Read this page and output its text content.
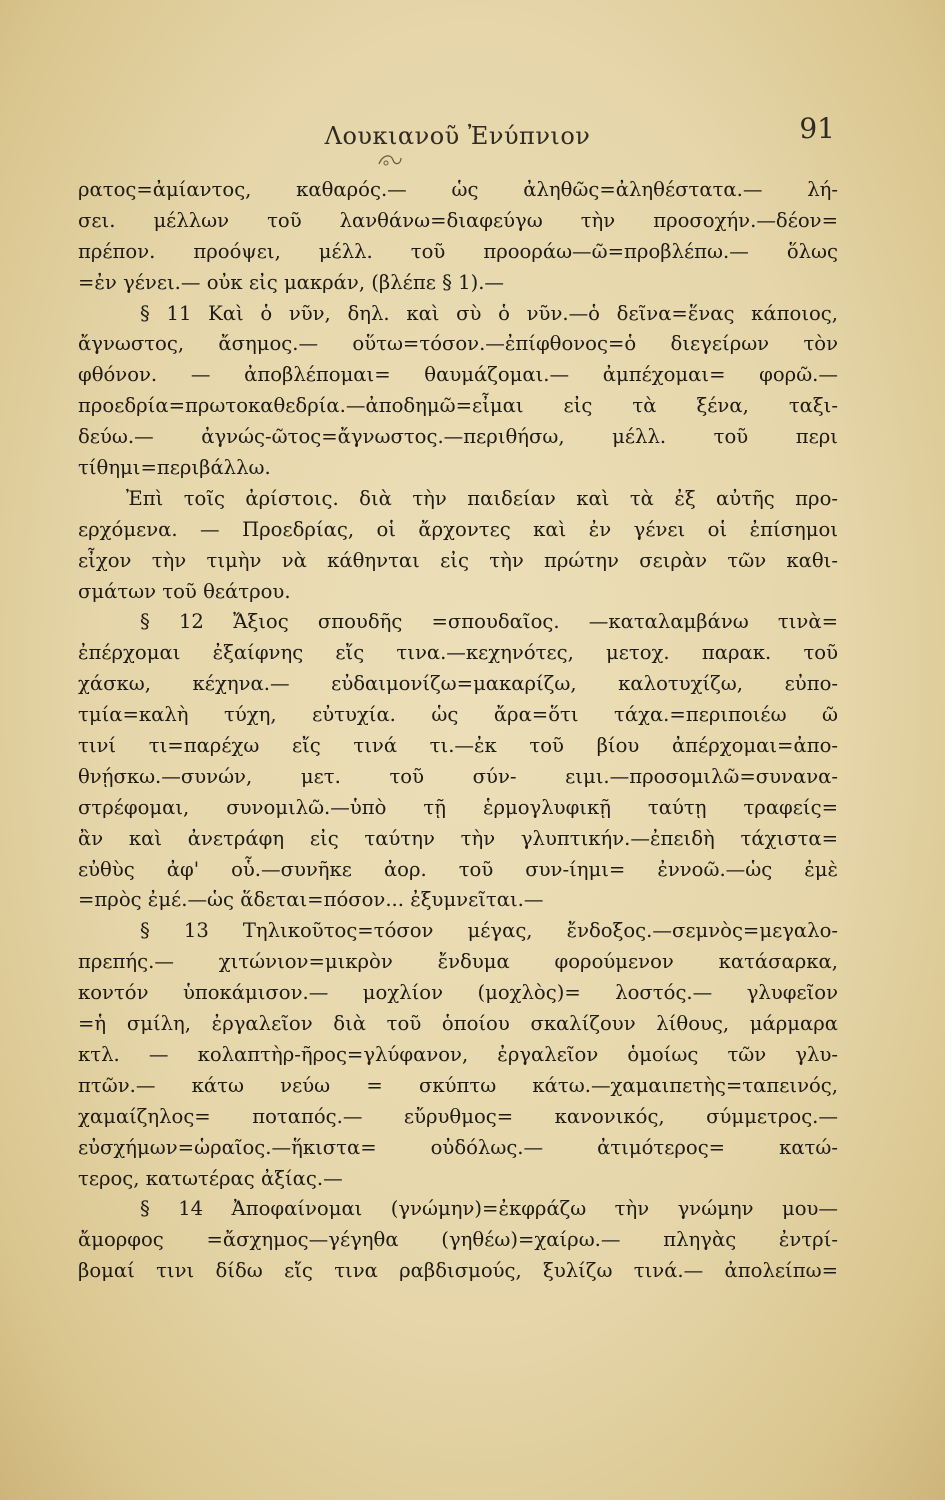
Λουκιανοῦ Ἐνύπνιον	91
ρατος=ἀμίαντος, καθαρός.— ὡς ἀληθῶς=ἀληθέστατα.— λή-
σει. μέλλων τοῦ λανθάνω=διαφεύγω τὴν προσοχήν.—δέον=
πρέπον. προόψει, μέλλ. τοῦ προοράω—ῶ=προβλέπω.— ὅλως
=ἐν γένει.— οὐκ εἰς μακράν, (βλέπε § 1).—
§ 11 Καὶ ὁ νῦν, δηλ. καὶ σὺ ὁ νῦν.—ὁ δεῖνα=ἕνας κάποιος,
ἄγνωστος, ἄσημος.— οὕτω=τόσον.—ἐπίφθονος=ὁ διεγείρων τὸν
φθόνον. — ἀποβλέπομαι= θαυμάζομαι.— ἀμπέχομαι= φορῶ.—
προεδρία=πρωτοκαθεδρία.—ἀποδημῶ=εἶμαι εἰς τὰ ξένα, ταξι-
δεύω.— ἀγνώς-ῶτος=ἄγνωστος.—περιθήσω, μέλλ. τοῦ περι
τίθημι=περιβάλλω.
Ἐπὶ τοῖς ἀρίστοις. διὰ τὴν παιδείαν καὶ τὰ ἐξ αὐτῆς προ-
ερχόμενα. — Προεδρίας, οἱ ἄρχοντες καὶ ἐν γένει οἱ ἐπίσημοι
εἶχον τὴν τιμὴν νὰ κάθηνται εἰς τὴν πρώτην σειρὰν τῶν καθι-
σμάτων τοῦ θεάτρου.
§ 12 Ἄξιος σπουδῆς =σπουδαῖος. —καταλαμβάνω τινὰ=
ἐπέρχομαι ἐξαίφνης εἴς τινα.—κεχηνότες, μετοχ. παρακ. τοῦ
χάσκω, κέχηνα.— εὐδαιμονίζω=μακαρίζω, καλοτυχίζω, εὐπο-
τμία=καλὴ τύχη, εὐτυχία. ὡς ἄρα=ὅτι τάχα.=περιποιέω ῶ
τινί τι=παρέχω εἴς τινά τι.—ἐκ τοῦ βίου ἀπέρχομαι=ἀπο-
θνῄσκω.—συνών, μετ. τοῦ σύν- ειμι.—προσομιλῶ=συνανα-
στρέφομαι, συνομιλῶ.—ὑπὸ τῇ ἑρμογλυφικῇ ταύτῃ τραφείς=
ἂν καὶ ἀνετράφη εἰς ταύτην τὴν γλυπτικήν.—ἐπειδὴ τάχιστα=
εὐθὺς ἀφ' οὗ.—συνῆκε ἀορ. τοῦ συν-ίημι= ἐννοῶ.—ὡς ἐμὲ
=πρὸς ἐμέ.—ὡς ἅδεται=πόσον... ἐξυμνεῖται.—
§ 13 Τηλικοῦτος=τόσον μέγας, ἔνδοξος.—σεμνὸς=μεγαλο-
πρεπής.— χιτώνιον=μικρὸν ἔνδυμα φορούμενον κατάσαρκα,
κοντόν ὑποκάμισον.— μοχλίον (μοχλὸς)= λοστός.— γλυφεῖον
=ἡ σμίλη, ἐργαλεῖον διὰ τοῦ ὁποίου σκαλίζουν λίθους, μάρμαρα
κτλ. — κολαπτὴρ-ῆρος=γλύφανον, ἐργαλεῖον ὁμοίως τῶν γλυ-
πτῶν.— κάτω νεύω = σκύπτω κάτω.—χαμαιπετὴς=ταπεινός,
χαμαίζηλος= ποταπός.— εὔρυθμος= κανονικός, σύμμετρος.—
εὐσχήμων=ὡραῖος.—ἥκιστα= οὐδόλως.— ἀτιμότερος= κατώ-
τερος, κατωτέρας ἀξίας.—
§ 14 Ἀποφαίνομαι (γνώμην)=ἐκφράζω τὴν γνώμην μου—
ἄμορφος =ἄσχημος—γέγηθα (γηθέω)=χαίρω.— πληγὰς ἐντρί-
βομαί τινι δίδω εἴς τινα ραβδισμούς, ξυλίζω τινά.— ἀπολείπω=
